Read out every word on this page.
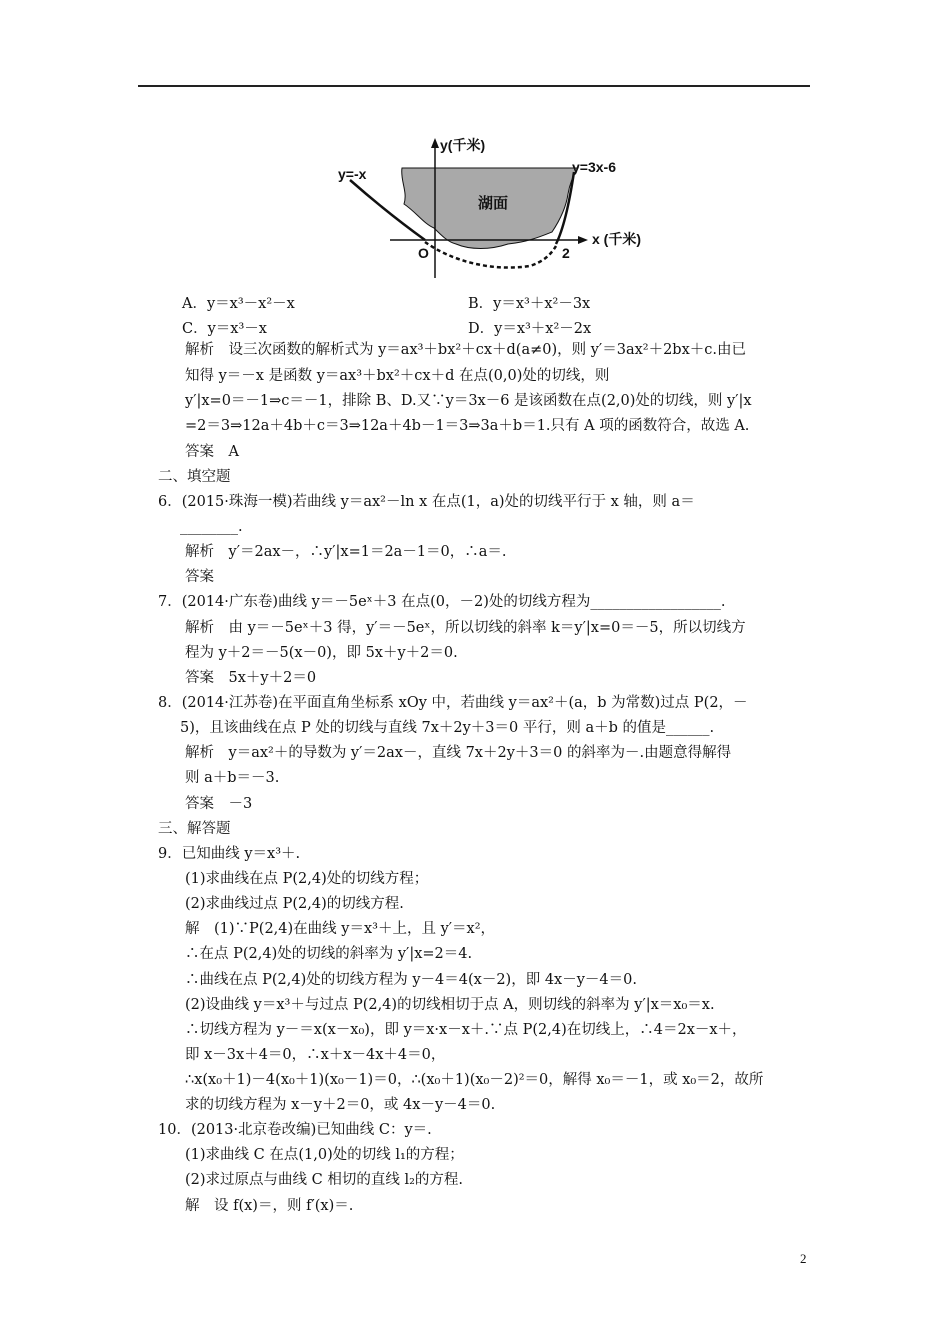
y(千米)
y=-x	y=3x-6
湖面
O	2
x (千米)
A．y＝x³－x²－x	B．y＝x³＋x²－3x
C．y＝x³－x	D．y＝x³＋x²－2x
解析　设三次函数的解析式为 y＝ax³＋bx²＋cx＋d(a≠0)，则 y′＝3ax²＋2bx＋c.由已
知得 y＝－x 是函数 y＝ax³＋bx²＋cx＋d 在点(0,0)处的切线，则
y′|x=0＝－1⇒c＝－1，排除 B、D.又∵y＝3x－6 是该函数在点(2,0)处的切线，则 y′|x
=2＝3⇒12a＋4b＋c＝3⇒12a＋4b－1＝3⇒3a＋b＝1.只有 A 项的函数符合，故选 A.
答案　A
二、填空题
6．(2015·珠海一模)若曲线 y＝ax²－ln x 在点(1，a)处的切线平行于 x 轴，则 a＝
________.
解析　y′＝2ax－，∴y′|x=1＝2a－1＝0，∴a＝.
答案
7．(2014·广东卷)曲线 y＝－5eˣ＋3 在点(0，－2)处的切线方程为__________________.
解析　由 y＝－5eˣ＋3 得，y′＝－5eˣ，所以切线的斜率 k＝y′|x=0＝－5，所以切线方
程为 y＋2＝－5(x－0)，即 5x＋y＋2＝0.
答案　5x＋y＋2＝0
8．(2014·江苏卷)在平面直角坐标系 xOy 中，若曲线 y＝ax²＋(a，b 为常数)过点 P(2，－
5)，且该曲线在点 P 处的切线与直线 7x＋2y＋3＝0 平行，则 a＋b 的值是______.
解析　y＝ax²＋的导数为 y′＝2ax－，直线 7x＋2y＋3＝0 的斜率为－.由题意得解得
则 a＋b＝－3.
答案　－3
三、解答题
9．已知曲线 y＝x³＋.
(1)求曲线在点 P(2,4)处的切线方程；
(2)求曲线过点 P(2,4)的切线方程.
解　(1)∵P(2,4)在曲线 y＝x³＋上，且 y′＝x²，
∴在点 P(2,4)处的切线的斜率为 y′|x=2＝4.
∴曲线在点 P(2,4)处的切线方程为 y－4＝4(x－2)，即 4x－y－4＝0.
(2)设曲线 y＝x³＋与过点 P(2,4)的切线相切于点 A，则切线的斜率为 y′|x＝x₀＝x.
∴切线方程为 y－＝x(x－x₀)，即 y＝x·x－x＋.∵点 P(2,4)在切线上，∴4＝2x－x＋，
即 x－3x＋4＝0，∴x＋x－4x＋4＝0，
∴x(x₀＋1)－4(x₀＋1)(x₀－1)＝0，∴(x₀＋1)(x₀－2)²＝0，解得 x₀＝－1，或 x₀＝2，故所
求的切线方程为 x－y＋2＝0，或 4x－y－4＝0.
10．(2013·北京卷改编)已知曲线 C：y＝.
(1)求曲线 C 在点(1,0)处的切线 l₁的方程；
(2)求过原点与曲线 C 相切的直线 l₂的方程.
解　设 f(x)＝，则 f′(x)＝.
2
